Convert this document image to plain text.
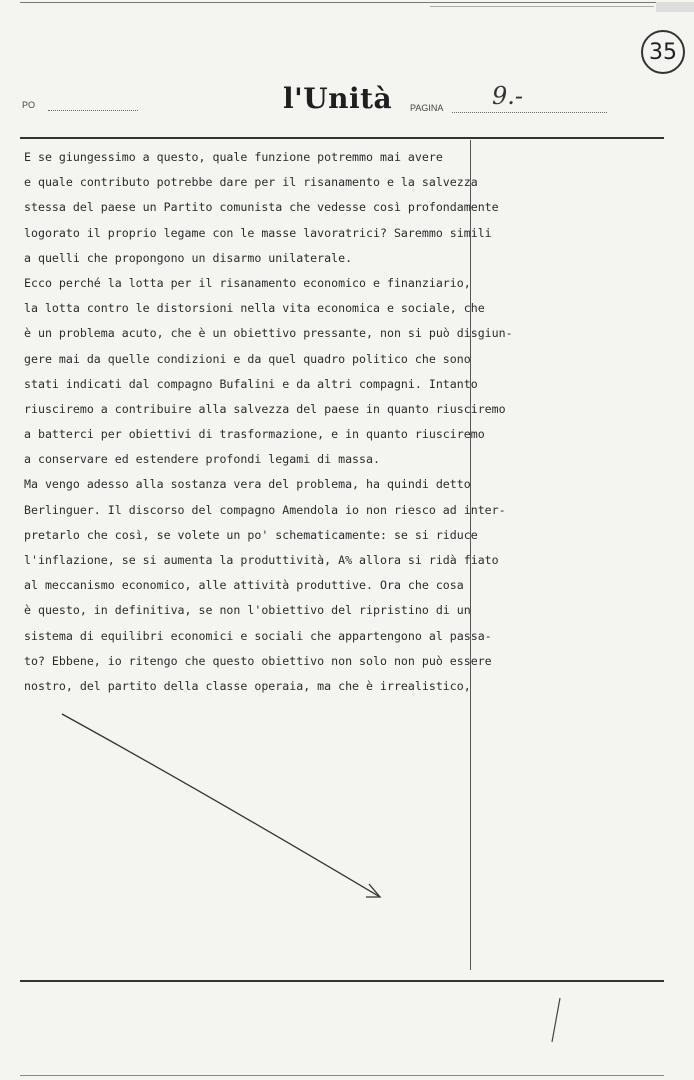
35
PO	l'Unità PAGINA 9.-
E se giungessimo a questo, quale funzione potremmo mai avere
e quale contributo potrebbe dare per il risanamento e la salvezza
stessa del paese un Partito comunista che vedesse così profondamente
logorato il proprio legame con le masse lavoratrici? Saremmo simili
a quelli che propongono un disarmo unilaterale.
Ecco perché la lotta per il risanamento economico e finanziario,
la lotta contro le distorsioni nella vita economica e sociale, che
è un problema acuto, che è un obiettivo pressante, non si può disgiun-
gere mai da quelle condizioni e da quel quadro politico che sono
stati indicati dal compagno Bufalini e da altri compagni. Intanto
riusciremo a contribuire alla salvezza del paese in quanto riusciremo
a batterci per obiettivi di trasformazione, e in quanto riusciremo
a conservare ed estendere profondi legami di massa.
Ma vengo adesso alla sostanza vera del problema, ha quindi detto
Berlinguer. Il discorso del compagno Amendola io non riesco ad inter-
pretarlo che così, se volete un po' schematicamente: se si riduce
l'inflazione, se si aumenta la produttività, A% allora si ridà fiato
al meccanismo economico, alle attività produttive. Ora che cosa
è questo, in definitiva, se non l'obiettivo del ripristino di un
sistema di equilibri economici e sociali che appartengono al passa-
to? Ebbene, io ritengo che questo obiettivo non solo non può essere
nostro, del partito della classe operaia, ma che è irrealistico,
